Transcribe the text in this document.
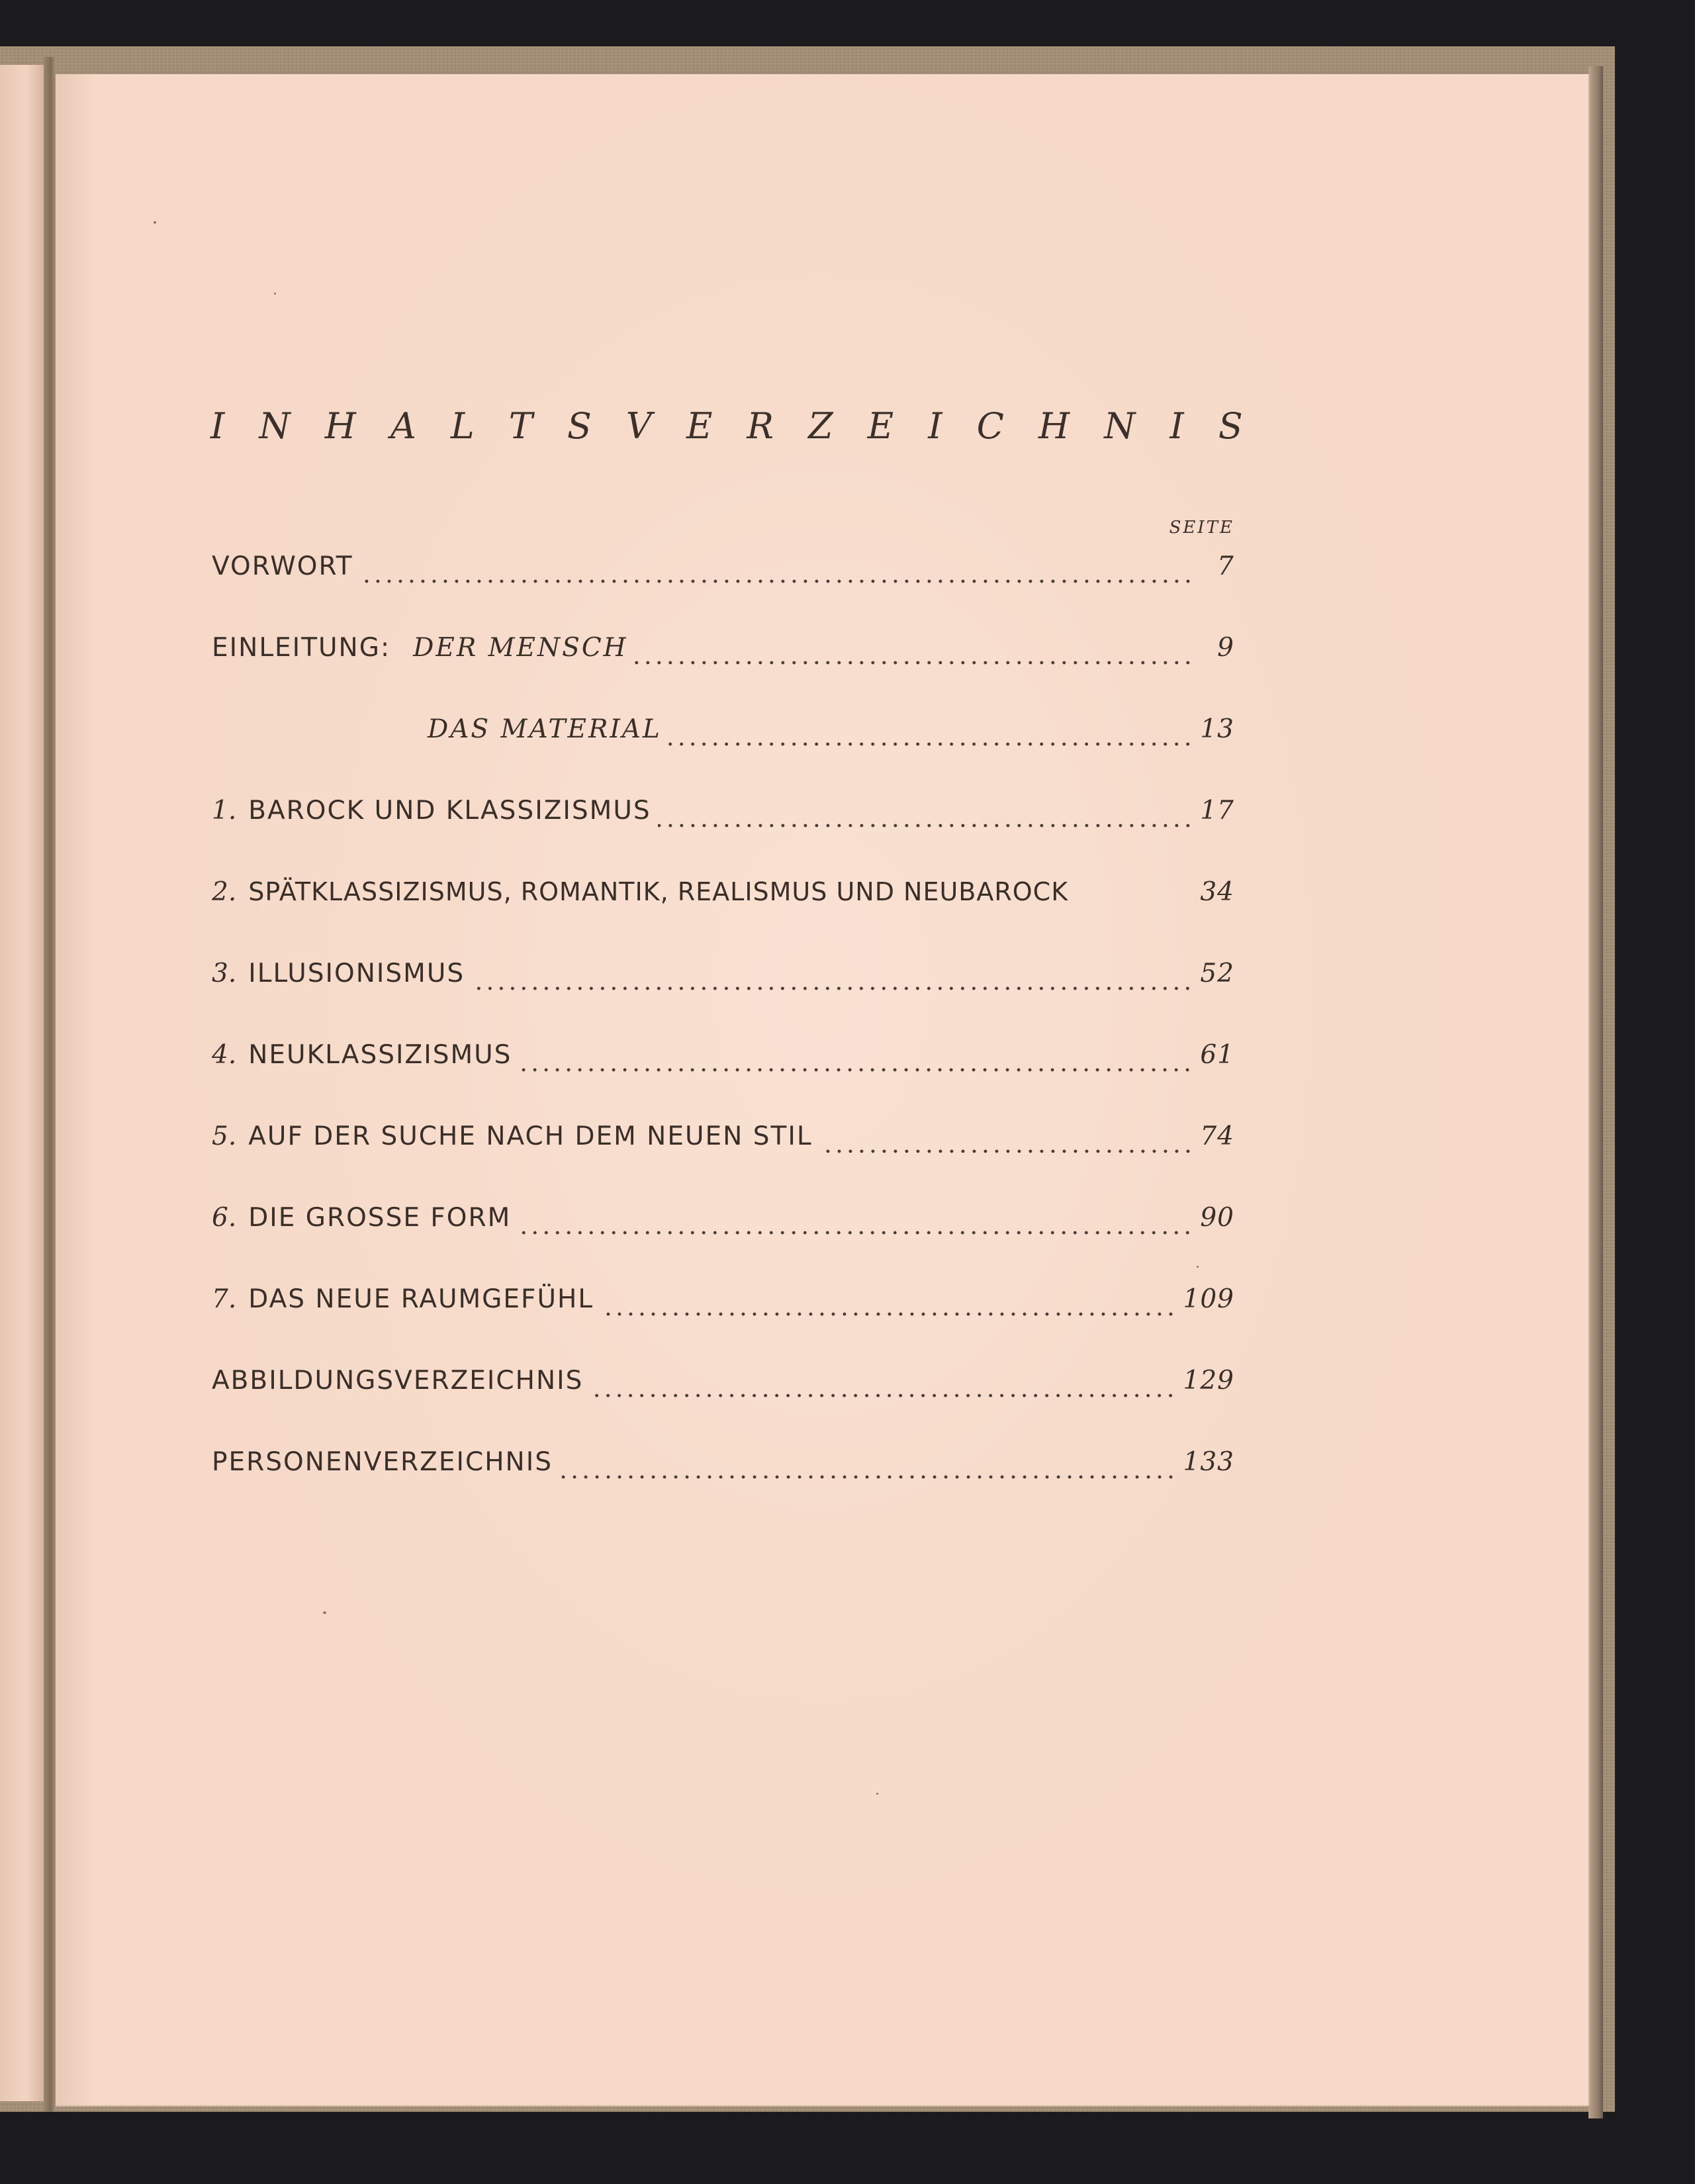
I N H A L T S V E R Z E I C H N I S
SEITE
VORWORT	7
EINLEITUNG: DER MENSCH	9
DAS MATERIAL	13
1. BAROCK UND KLASSIZISMUS	17
2. SPÄTKLASSIZISMUS, ROMANTIK, REALISMUS UND NEUBAROCK	34
3. ILLUSIONISMUS	52
4. NEUKLASSIZISMUS	61
5. AUF DER SUCHE NACH DEM NEUEN STIL	74
6. DIE GROSSE FORM	90
7. DAS NEUE RAUMGEFÜHL	109
ABBILDUNGSVERZEICHNIS	129
PERSONENVERZEICHNIS	133
